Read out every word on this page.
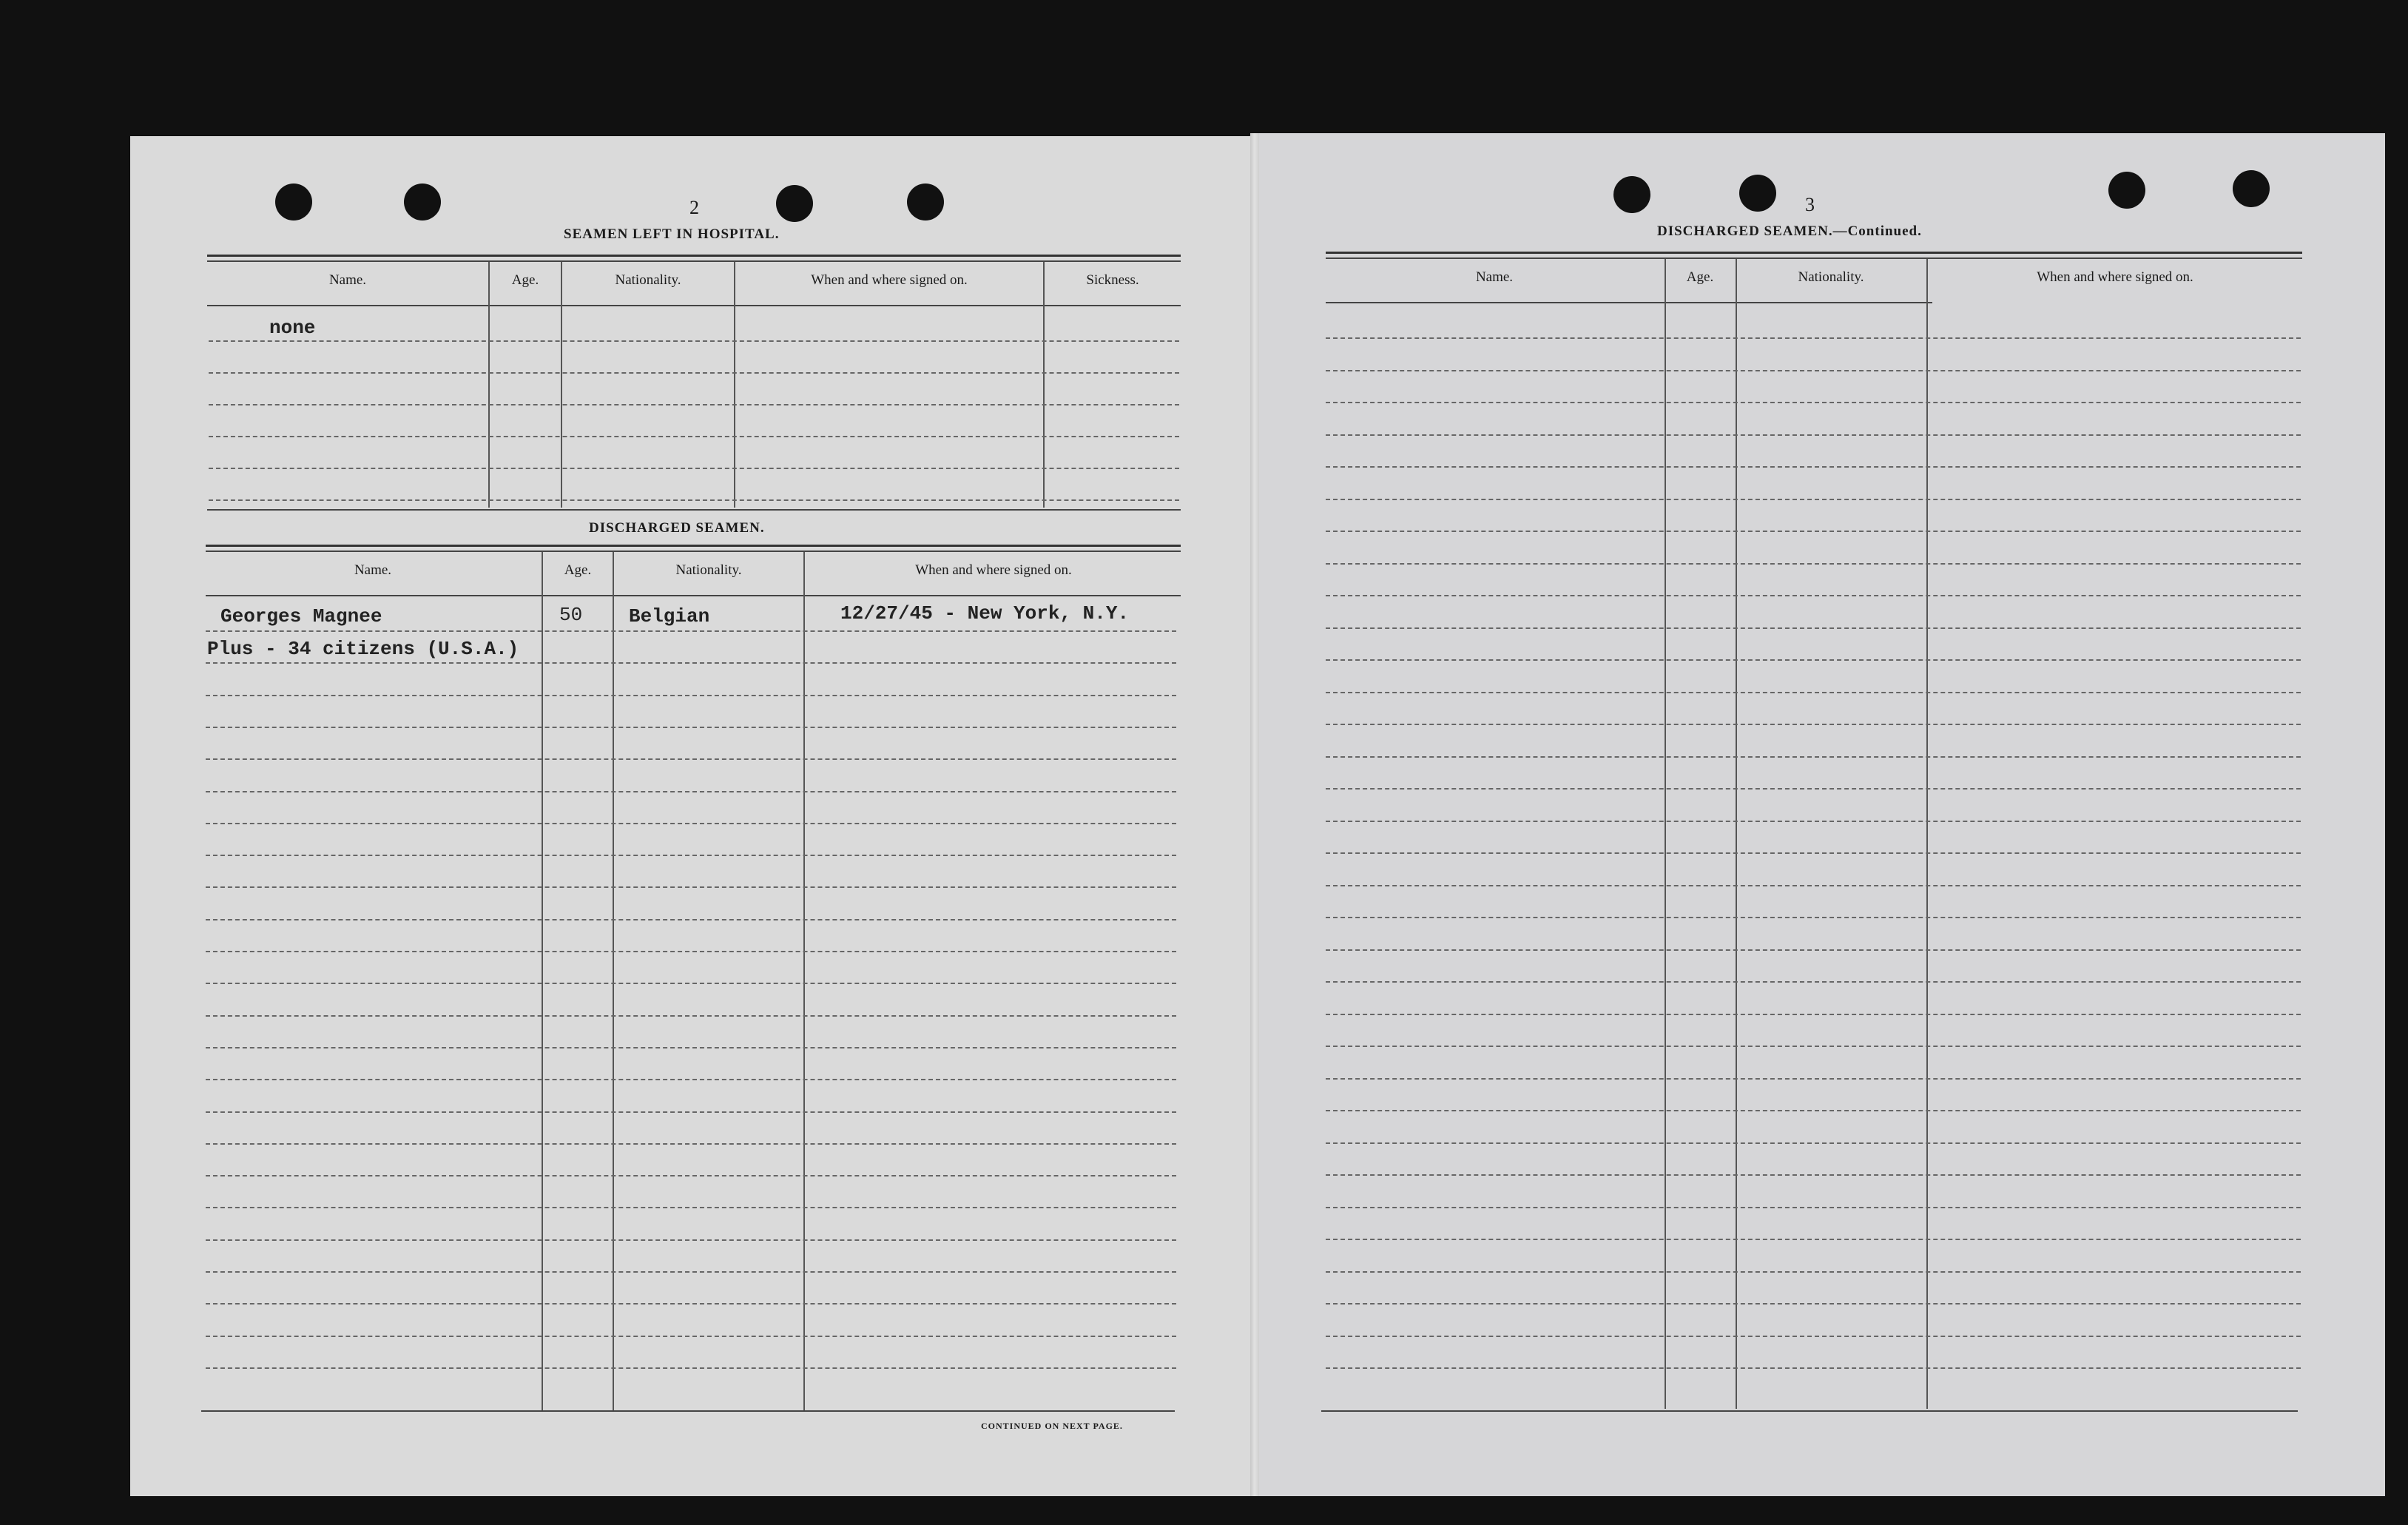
2
SEAMEN LEFT IN HOSPITAL.
Name.	Age.	Nationality.	When and where signed on.	Sickness.
none
DISCHARGED SEAMEN.
Name.	Age.	Nationality.	When and where signed on.
Georges Magnee	50 Belgian	12/27/45 - New York, N.Y.
Plus - 34 citizens (U.S.A.)
CONTINUED ON NEXT PAGE.
3
DISCHARGED SEAMEN.—Continued.
Name.	Age.	Nationality.	When and where signed on.
